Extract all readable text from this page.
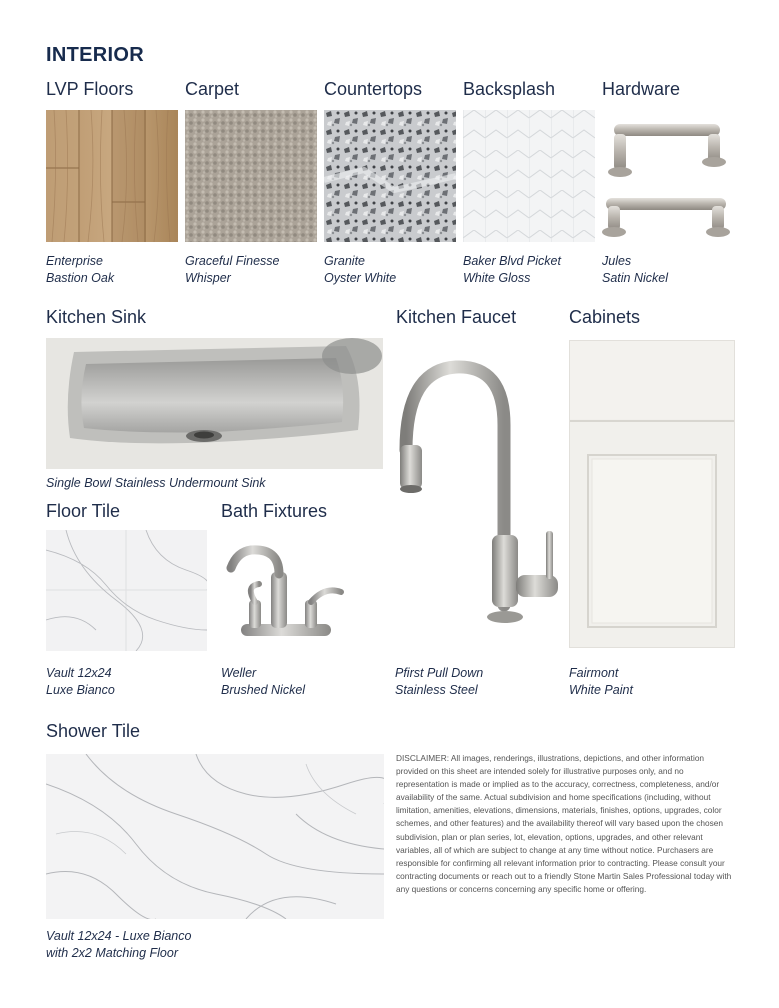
INTERIOR
LVP Floors
Enterprise
Bastion Oak
Carpet
Graceful Finesse
Whisper
Countertops
Granite
Oyster White
Backsplash
Baker Blvd Picket
White Gloss
Hardware
Jules
Satin Nickel
Kitchen Sink
Single Bowl Stainless Undermount Sink
Kitchen Faucet
Pfirst Pull Down
Stainless Steel
Cabinets
Fairmont
White Paint
Floor Tile
Vault 12x24
Luxe Bianco
Bath Fixtures
Weller
Brushed Nickel
Shower Tile
Vault 12x24 - Luxe Bianco
with 2x2 Matching Floor
DISCLAIMER: All images, renderings, illustrations, depictions, and other information provided on this sheet are intended solely for illustrative purposes only, and no representation is made or implied as to the accuracy, correctness, completeness, and/or availability of the same. Actual subdivision and home specifications (including, without limitation, amenities, elevations, dimensions, materials, finishes, options, upgrades, color schemes, and other features) and the availability thereof will vary based upon the chosen subdivision, plan or plan series, lot, elevation, options, upgrades, and other relevant variables, all of which are subject to change at any time without notice. Purchasers are responsible for confirming all relevant information prior to contracting. Please consult your contracting documents or reach out to a friendly Stone Martin Sales Professional today with any questions or concerns concerning any specific home or offering.
